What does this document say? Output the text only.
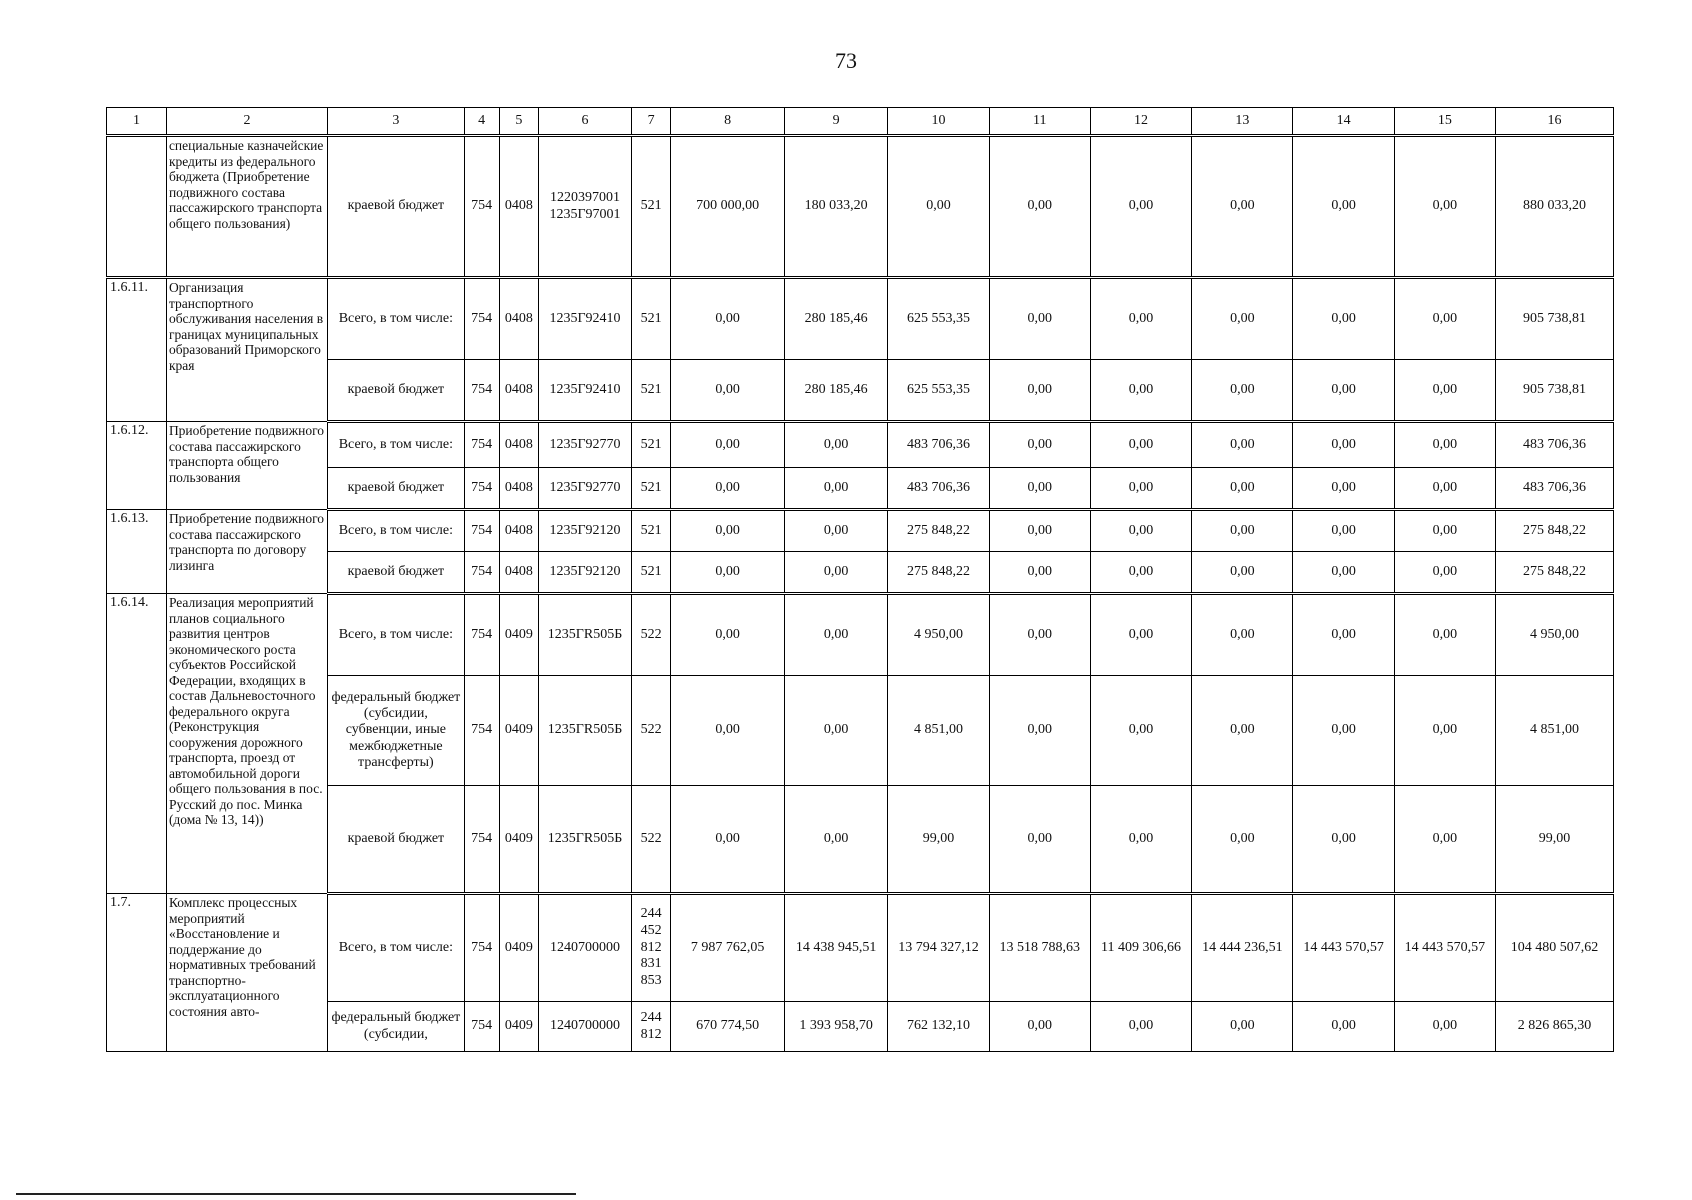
73
1	2	3	4	5	6	7	8	9	10	11	12	13	14	15	16
	специальные казначейские кредиты из федерального бюджета (Приобретение подвижного состава пассажирского транспорта общего пользования)	краевой бюджет	754	0408	1220397001 1235Г97001	521	700 000,00	180 033,20	0,00	0,00	0,00	0,00	0,00	0,00	880 033,20
1.6.11.	Организация транспортного обслуживания населения в границах муниципальных образований Приморского края	Всего, в том числе:	754	0408	1235Г92410	521	0,00	280 185,46	625 553,35	0,00	0,00	0,00	0,00	0,00	905 738,81
		краевой бюджет	754	0408	1235Г92410	521	0,00	280 185,46	625 553,35	0,00	0,00	0,00	0,00	0,00	905 738,81
1.6.12.	Приобретение подвижного состава пассажирского транспорта общего пользования	Всего, в том числе:	754	0408	1235Г92770	521	0,00	0,00	483 706,36	0,00	0,00	0,00	0,00	0,00	483 706,36
		краевой бюджет	754	0408	1235Г92770	521	0,00	0,00	483 706,36	0,00	0,00	0,00	0,00	0,00	483 706,36
1.6.13.	Приобретение подвижного состава пассажирского транспорта по договору лизинга	Всего, в том числе:	754	0408	1235Г92120	521	0,00	0,00	275 848,22	0,00	0,00	0,00	0,00	0,00	275 848,22
		краевой бюджет	754	0408	1235Г92120	521	0,00	0,00	275 848,22	0,00	0,00	0,00	0,00	0,00	275 848,22
1.6.14.	Реализация мероприятий планов социального развития центров экономического роста субъектов Российской Федерации, входящих в состав Дальневосточного федерального округа (Реконструкция сооружения дорожного транспорта, проезд от автомобильной дороги общего пользования в пос. Русский до пос. Минка (дома № 13, 14))	Всего, в том числе:	754	0409	1235ГR505Б	522	0,00	0,00	4 950,00	0,00	0,00	0,00	0,00	0,00	4 950,00
		федеральный бюджет (субсидии, субвенции, иные межбюджетные трансферты)	754	0409	1235ГR505Б	522	0,00	0,00	4 851,00	0,00	0,00	0,00	0,00	0,00	4 851,00
		краевой бюджет	754	0409	1235ГR505Б	522	0,00	0,00	99,00	0,00	0,00	0,00	0,00	0,00	99,00
1.7.	Комплекс процессных мероприятий «Восстановление и поддержание до нормативных требований транспортно-эксплуатационного состояния авто-	Всего, в том числе:	754	0409	1240700000	244 452 812 831 853	7 987 762,05	14 438 945,51	13 794 327,12	13 518 788,63	11 409 306,66	14 444 236,51	14 443 570,57	14 443 570,57	104 480 507,62
		федеральный бюджет (субсидии,	754	0409	1240700000	244 812	670 774,50	1 393 958,70	762 132,10	0,00	0,00	0,00	0,00	0,00	2 826 865,30
